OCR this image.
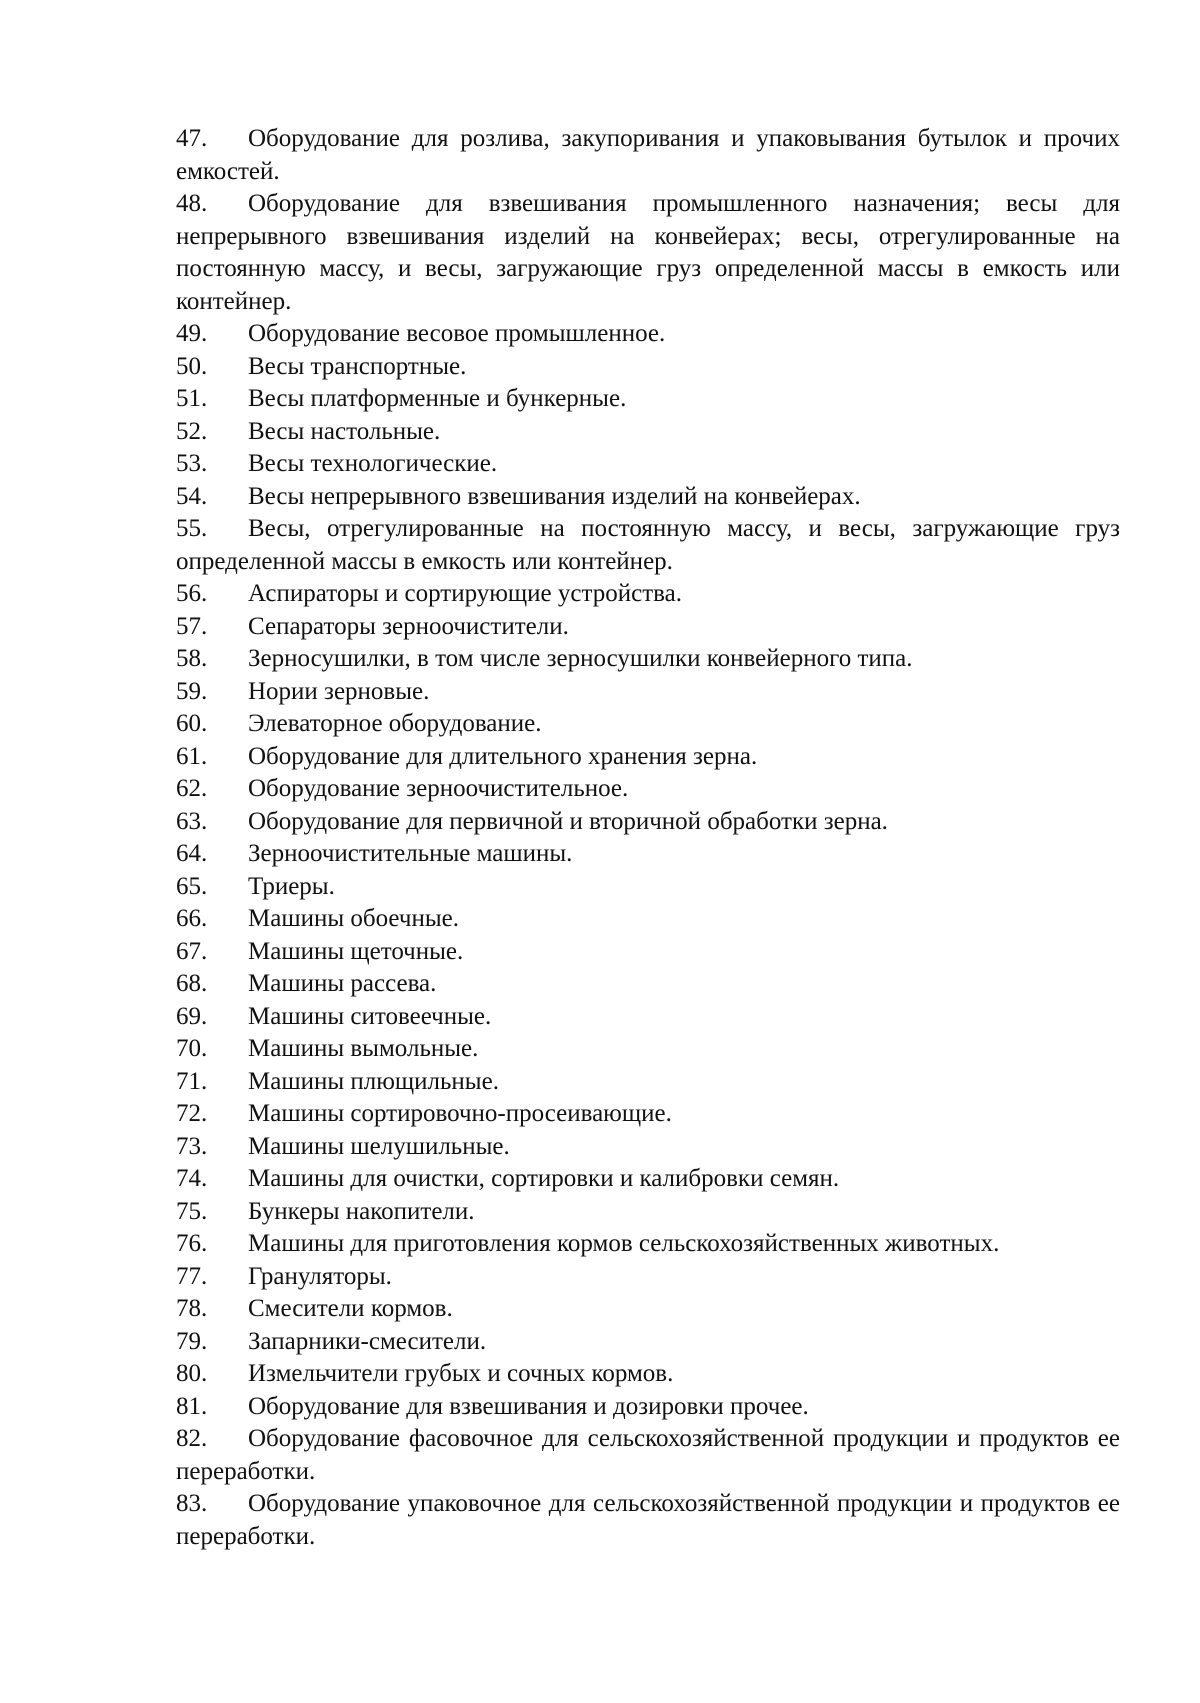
47. Оборудование для розлива, закупоривания и упаковывания бутылок и прочих емкостей.

48. Оборудование для взвешивания промышленного назначения; весы для непрерывного взвешивания изделий на конвейерах; весы, отрегулированные на постоянную массу, и весы, загружающие груз определенной массы в емкость или контейнер.

49. Оборудование весовое промышленное.

50. Весы транспортные.

51. Весы платформенные и бункерные.

52. Весы настольные.

53. Весы технологические.

54. Весы непрерывного взвешивания изделий на конвейерах.

55. Весы, отрегулированные на постоянную массу, и весы, загружающие груз определенной массы в емкость или контейнер.

56. Аспираторы и сортирующие устройства.

57. Сепараторы зерноочистители.

58. Зерносушилки, в том числе зерносушилки конвейерного типа.

59. Нории зерновые.

60. Элеваторное оборудование.

61. Оборудование для длительного хранения зерна.

62. Оборудование зерноочистительное.

63. Оборудование для первичной и вторичной обработки зерна.

64. Зерноочистительные машины.

65. Триеры.

66. Машины обоечные.

67. Машины щеточные.

68. Машины рассева.

69. Машины ситовеечные.

70. Машины вымольные.

71. Машины плющильные.

72. Машины сортировочно-просеивающие.

73. Машины шелушильные.

74. Машины для очистки, сортировки и калибровки семян.

75. Бункеры накопители.

76. Машины для приготовления кормов сельскохозяйственных животных.

77. Грануляторы.

78. Смесители кормов.

79. Запарники-смесители.

80. Измельчители грубых и сочных кормов.

81. Оборудование для взвешивания и дозировки прочее.

82. Оборудование фасовочное для сельскохозяйственной продукции и продуктов ее переработки.

83. Оборудование упаковочное для сельскохозяйственной продукции и продуктов ее переработки.
